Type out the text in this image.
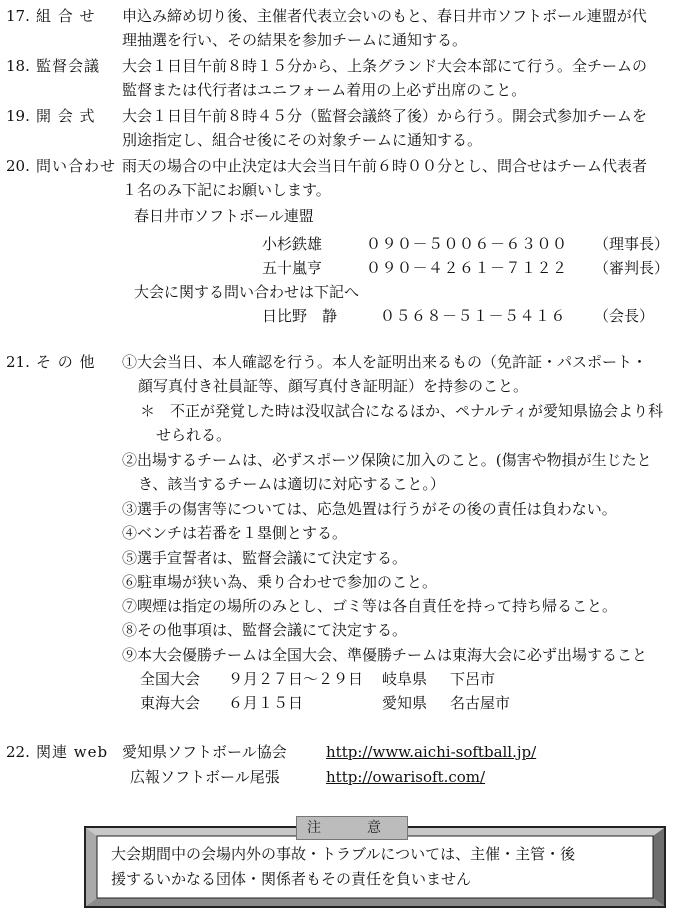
17. 組 合 せ 申込み締め切り後、主催者代表立会いのもと、春日井市ソフトボール連盟が代
理抽選を行い、その結果を参加チームに通知する。
18. 監督会議 大会１日目午前８時１５分から、上条グランド大会本部にて行う。全チームの
監督または代行者はユニフォーム着用の上必ず出席のこと。
19. 開 会 式 大会１日目午前８時４５分（監督会議終了後）から行う。開会式参加チームを
別途指定し、組合せ後にその対象チームに通知する。
20. 問い合わせ 雨天の場合の中止決定は大会当日午前６時００分とし、問合せはチーム代表者
１名のみ下記にお願いします。
春日井市ソフトボール連盟
小杉鉄雄	０９０－５００６－６３００ （理事長）
五十嵐亨	０９０－４２６１－７１２２ （審判長）
大会に関する問い合わせは下記へ
日比野　静	０５６８－５１－５４１６ （会長）
21. そ の 他 ①大会当日、本人確認を行う。本人を証明出来るもの（免許証・パスポート・
顔写真付き社員証等、顔写真付き証明証）を持参のこと。
＊　不正が発覚した時は没収試合になるほか、ペナルティが愛知県協会より科
せられる。
②出場するチームは、必ずスポーツ保険に加入のこと。(傷害や物損が生じたと
き、該当するチームは適切に対応すること。）
③選手の傷害等については、応急処置は行うがその後の責任は負わない。
④ベンチは若番を１塁側とする。
⑤選手宣誓者は、監督会議にて決定する。
⑥駐車場が狭い為、乗り合わせで参加のこと。
⑦喫煙は指定の場所のみとし、ゴミ等は各自責任を持って持ち帰ること。
⑧その他事項は、監督会議にて決定する。
⑨本大会優勝チームは全国大会、準優勝チームは東海大会に必ず出場すること
全国大会 ９月２７日～２９日 岐阜県 下呂市
東海大会 ６月１５日	愛知県 名古屋市
22. 関連 web 愛知県ソフトボール協会	http://www.aichi-softball.jp/
広報ソフトボール尾張	http://owarisoft.com/
大会期間中の会場内外の事故・トラブルについては、主催・主管・後
援するいかなる団体・関係者もその責任を負いません
注　意
